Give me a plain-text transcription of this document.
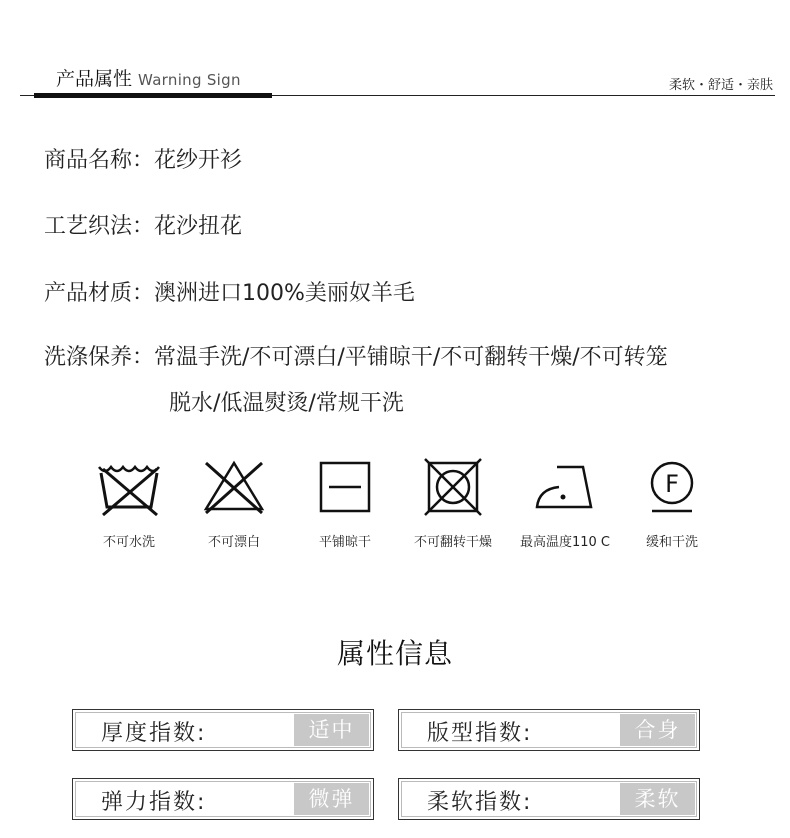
产品属性 Warning Sign	柔软・舒适・亲肤
商品名称：花纱开衫
工艺织法：花沙扭花
产品材质：澳洲进口100%美丽奴羊毛
洗涤保养：常温手洗/不可漂白/平铺晾干/不可翻转干燥/不可转笼
脱水/低温熨烫/常规干洗
不可水洗	不可漂白	平铺晾干	不可翻转干燥	最高温度110 C
F
缓和干洗
属性信息
厚度指数:	适中	版型指数:	合身
弹力指数:	微弹	柔软指数:	柔软
